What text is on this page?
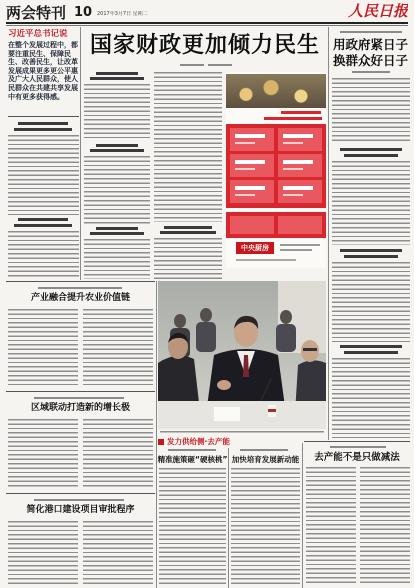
两会特刊 10 2017年3月7日 星期二	人民日报
习近平总书记说
在整个发展过程中，都要注重民生、保障民生、改善民生，让改革发展成果更多更公平惠及广大人民群众，使人民群众在共建共享发展中有更多获得感。
国家财政更加倾力民生
中央厨房
用政府紧日子
换群众好日子
产业融合提升农业价值链
区域联动打造新的增长极
简化港口建设项目审批程序
发力供给侧·去产能
精准施策砸“硬核桃” 加快培育发展新动能	去产能不是只做减法
